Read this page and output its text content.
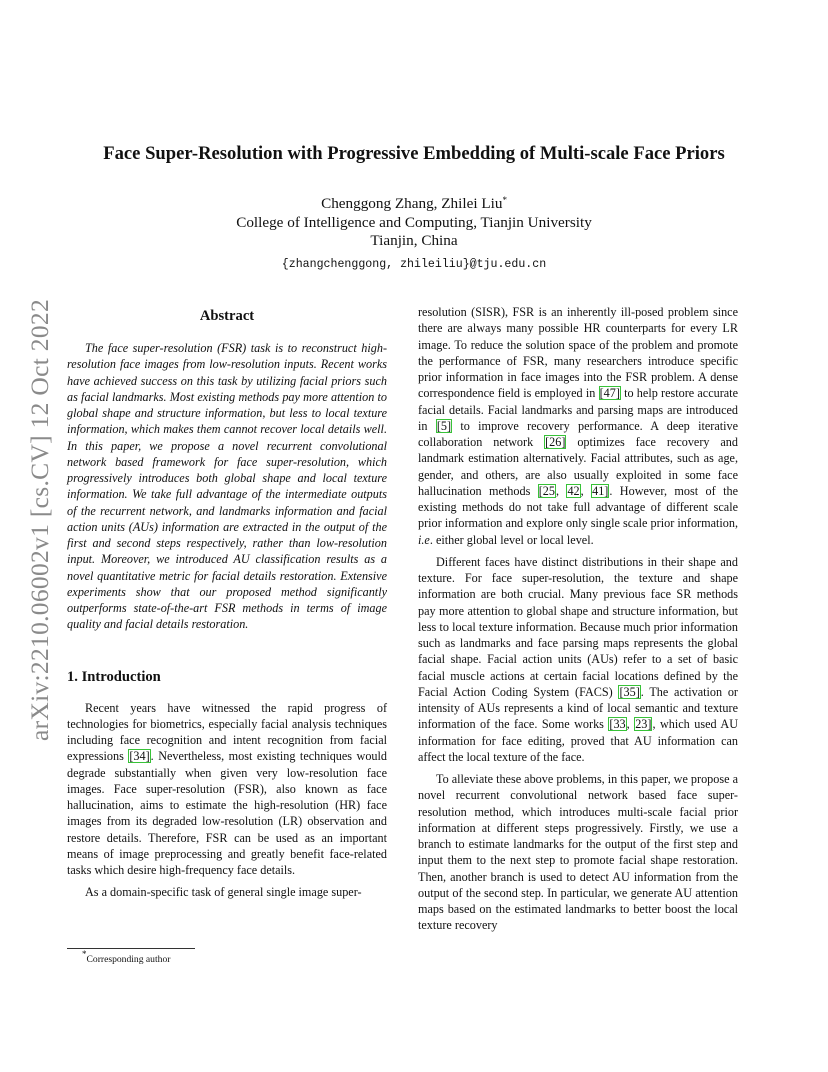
arXiv:2210.06002v1 [cs.CV] 12 Oct 2022
Face Super-Resolution with Progressive Embedding of Multi-scale Face Priors
Chenggong Zhang, Zhilei Liu*
College of Intelligence and Computing, Tianjin University
Tianjin, China
{zhangchenggong, zhileiliu}@tju.edu.cn
Abstract

The face super-resolution (FSR) task is to reconstruct high-resolution face images from low-resolution inputs. Recent works have achieved success on this task by utilizing facial priors such as facial landmarks. Most existing methods pay more attention to global shape and structure information, but less to local texture information, which makes them cannot recover local details well. In this paper, we propose a novel recurrent convolutional network based framework for face super-resolution, which progressively introduces both global shape and local texture information. We take full advantage of the intermediate outputs of the recurrent network, and landmarks information and facial action units (AUs) information are extracted in the output of the first and second steps respectively, rather than low-resolution input. Moreover, we introduced AU classification results as a novel quantitative metric for facial details restoration. Extensive experiments show that our proposed method significantly outperforms state-of-the-art FSR methods in terms of image quality and facial details restoration.

1. Introduction

Recent years have witnessed the rapid progress of technologies for biometrics, especially facial analysis techniques including face recognition and intent recognition from facial expressions [34]. Nevertheless, most existing techniques would degrade substantially when given very low-resolution face images. Face super-resolution (FSR), also known as face hallucination, aims to estimate the high-resolution (HR) face images from its degraded low-resolution (LR) observation and restore details. Therefore, FSR can be used as an important means of image preprocessing and greatly benefit face-related tasks which desire high-frequency face details.

As a domain-specific task of general single image super-

resolution (SISR), FSR is an inherently ill-posed problem since there are always many possible HR counterparts for every LR image. To reduce the solution space of the problem and promote the performance of FSR, many researchers introduce specific prior information in face images into the FSR problem. A dense correspondence field is employed in [47] to help restore accurate facial details. Facial landmarks and parsing maps are introduced in [5] to improve recovery performance. A deep iterative collaboration network [26] optimizes face recovery and landmark estimation alternatively. Facial attributes, such as age, gender, and others, are also usually exploited in some face hallucination methods [25, 42, 41]. However, most of the existing methods do not take full advantage of different scale prior information and explore only single scale prior information, i.e. either global level or local level.

Different faces have distinct distributions in their shape and texture. For face super-resolution, the texture and shape information are both crucial. Many previous face SR methods pay more attention to global shape and structure information, but less to local texture information. Because much prior information such as landmarks and face parsing maps represents the global facial shape. Facial action units (AUs) refer to a set of basic facial muscle actions at certain facial locations defined by the Facial Action Coding System (FACS) [35]. The activation or intensity of AUs represents a kind of local semantic and texture information of the face. Some works [33, 23], which used AU information for face editing, proved that AU information can affect the local texture of the face.

To alleviate these above problems, in this paper, we propose a novel recurrent convolutional network based face super-resolution method, which introduces multi-scale facial prior information at different steps progressively. Firstly, we use a branch to estimate landmarks for the output of the first step and input them to the next step to promote facial shape restoration. Then, another branch is used to detect AU information from the output of the second step. In particular, we generate AU attention maps based on the estimated landmarks to better boost the local texture recovery

*Corresponding author
